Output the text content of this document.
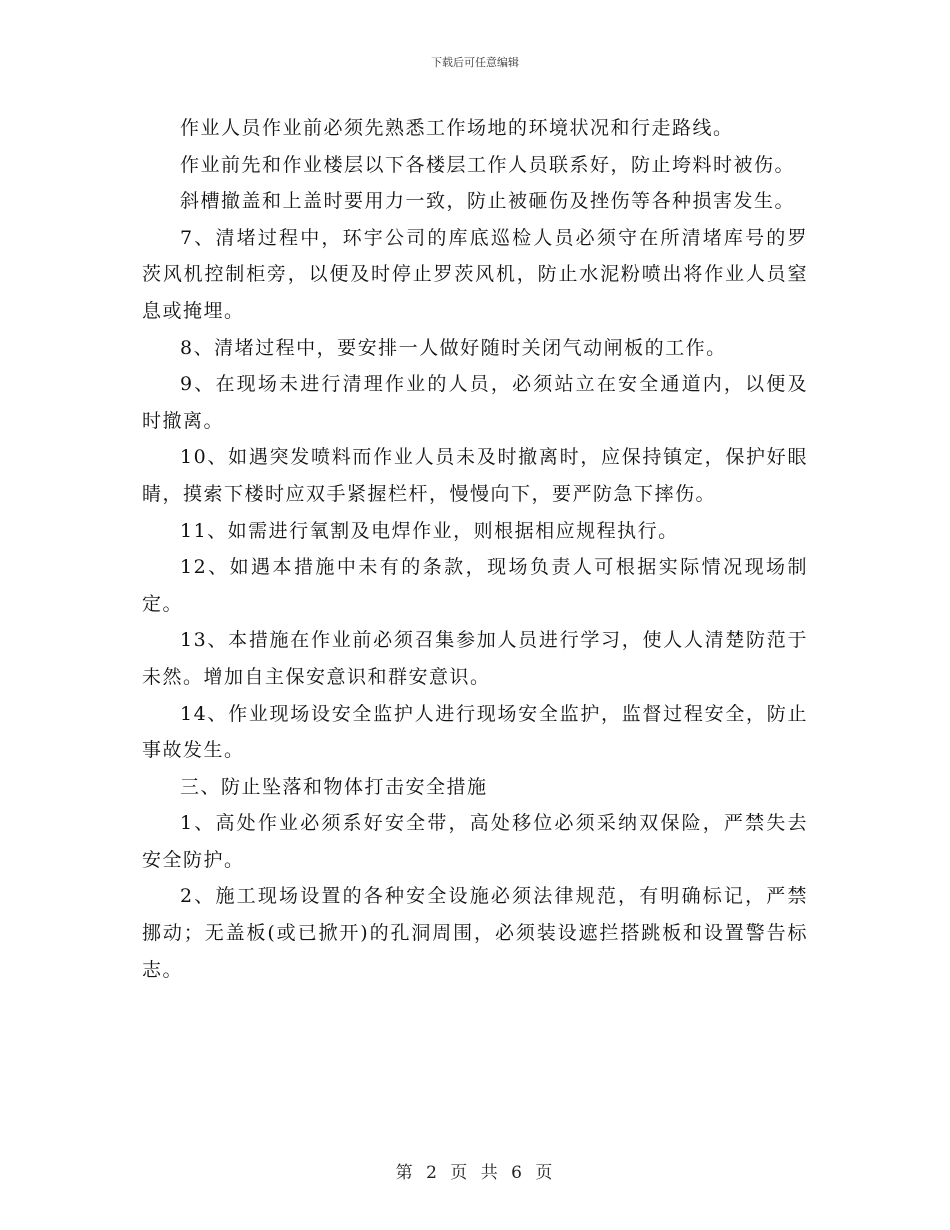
下载后可任意编辑

作业人员作业前必须先熟悉工作场地的环境状况和行走路线。

作业前先和作业楼层以下各楼层工作人员联系好，防止垮料时被伤。

斜槽撤盖和上盖时要用力一致，防止被砸伤及挫伤等各种损害发生。

7、清堵过程中，环宇公司的库底巡检人员必须守在所清堵库号的罗茨风机控制柜旁，以便及时停止罗茨风机，防止水泥粉喷出将作业人员窒息或掩埋。

8、清堵过程中，要安排一人做好随时关闭气动闸板的工作。

9、在现场未进行清理作业的人员，必须站立在安全通道内，以便及时撤离。

10、如遇突发喷料而作业人员未及时撤离时，应保持镇定，保护好眼睛，摸索下楼时应双手紧握栏杆，慢慢向下，要严防急下摔伤。

11、如需进行氧割及电焊作业，则根据相应规程执行。

12、如遇本措施中未有的条款，现场负责人可根据实际情况现场制定。

13、本措施在作业前必须召集参加人员进行学习，使人人清楚防范于未然。增加自主保安意识和群安意识。

14、作业现场设安全监护人进行现场安全监护，监督过程安全，防止事故发生。

三、防止坠落和物体打击安全措施

1、高处作业必须系好安全带，高处移位必须采纳双保险，严禁失去安全防护。

2、施工现场设置的各种安全设施必须法律规范，有明确标记，严禁挪动；无盖板(或已掀开)的孔洞周围，必须装设遮拦搭跳板和设置警告标志。

第 2 页 共 6 页
